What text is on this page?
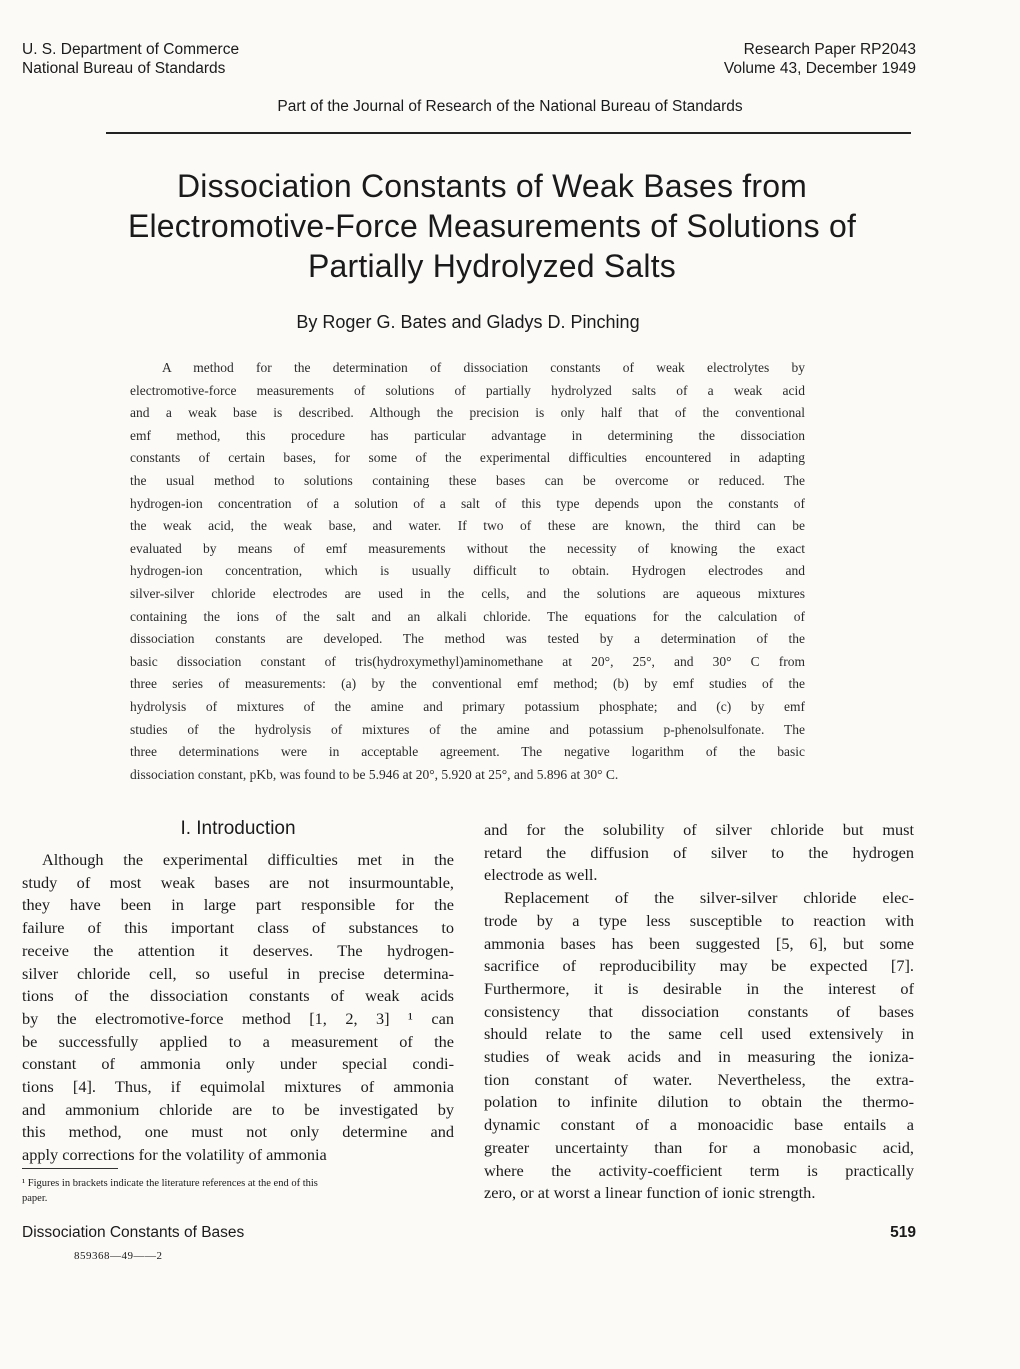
U. S. Department of Commerce
National Bureau of Standards
Research Paper RP2043
Volume 43, December 1949
Part of the Journal of Research of the National Bureau of Standards
Dissociation Constants of Weak Bases from
Electromotive-Force Measurements of Solutions of
Partially Hydrolyzed Salts
By Roger G. Bates and Gladys D. Pinching
A method for the determination of dissociation constants of weak electrolytes by
electromotive-force measurements of solutions of partially hydrolyzed salts of a weak acid
and a weak base is described. Although the precision is only half that of the conventional
emf method, this procedure has particular advantage in determining the dissociation
constants of certain bases, for some of the experimental difficulties encountered in adapting
the usual method to solutions containing these bases can be overcome or reduced. The
hydrogen-ion concentration of a solution of a salt of this type depends upon the constants of
the weak acid, the weak base, and water. If two of these are known, the third can be
evaluated by means of emf measurements without the necessity of knowing the exact
hydrogen-ion concentration, which is usually difficult to obtain. Hydrogen electrodes and
silver-silver chloride electrodes are used in the cells, and the solutions are aqueous mixtures
containing the ions of the salt and an alkali chloride. The equations for the calculation of
dissociation constants are developed. The method was tested by a determination of the
basic dissociation constant of tris(hydroxymethyl)aminomethane at 20°, 25°, and 30° C from
three series of measurements: (a) by the conventional emf method; (b) by emf studies of the
hydrolysis of mixtures of the amine and primary potassium phosphate; and (c) by emf
studies of the hydrolysis of mixtures of the amine and potassium p-phenolsulfonate. The
three determinations were in acceptable agreement. The negative logarithm of the basic
dissociation constant, pKb, was found to be 5.946 at 20°, 5.920 at 25°, and 5.896 at 30° C.
I. Introduction
Although the experimental difficulties met in the
study of most weak bases are not insurmountable,
they have been in large part responsible for the
failure of this important class of substances to
receive the attention it deserves. The hydrogen-
silver chloride cell, so useful in precise determina-
tions of the dissociation constants of weak acids
by the electromotive-force method [1, 2, 3] ¹ can
be successfully applied to a measurement of the
constant of ammonia only under special condi-
tions [4]. Thus, if equimolal mixtures of ammonia
and ammonium chloride are to be investigated by
this method, one must not only determine and
apply corrections for the volatility of ammonia
and for the solubility of silver chloride but must
retard the diffusion of silver to the hydrogen
electrode as well.
Replacement of the silver-silver chloride elec-
trode by a type less susceptible to reaction with
ammonia bases has been suggested [5, 6], but some
sacrifice of reproducibility may be expected [7].
Furthermore, it is desirable in the interest of
consistency that dissociation constants of bases
should relate to the same cell used extensively in
studies of weak acids and in measuring the ioniza-
tion constant of water. Nevertheless, the extra-
polation to infinite dilution to obtain the thermo-
dynamic constant of a monoacidic base entails a
greater uncertainty than for a monobasic acid,
where the activity-coefficient term is practically
zero, or at worst a linear function of ionic strength.
¹ Figures in brackets indicate the literature references at the end of this
paper.
Dissociation Constants of Bases
859368—49——2
519
